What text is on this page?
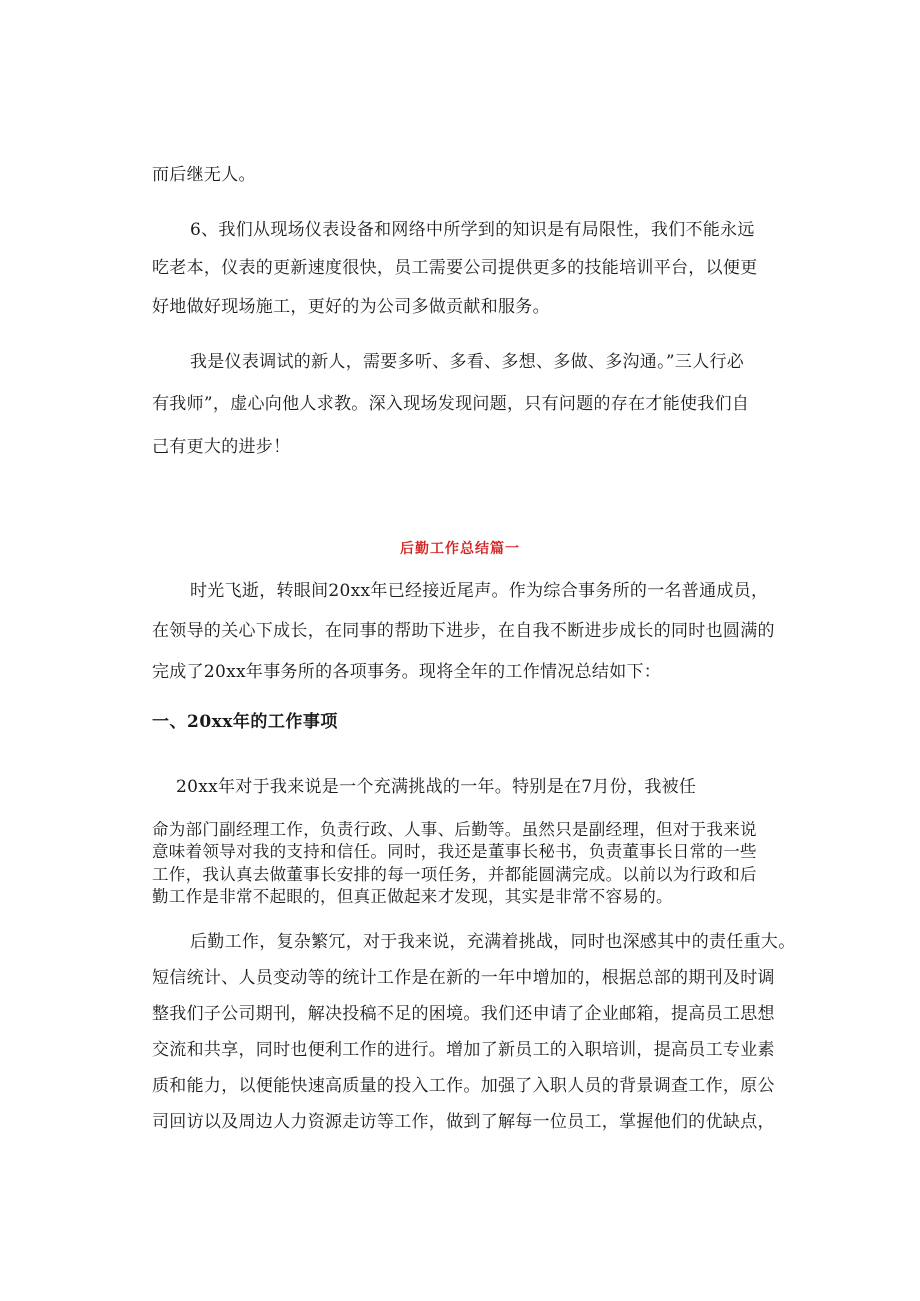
而后继无人。
6、我们从现场仪表设备和网络中所学到的知识是有局限性，我们不能永远
吃老本，仪表的更新速度很快，员工需要公司提供更多的技能培训平台，以便更
好地做好现场施工，更好的为公司多做贡献和服务。
我是仪表调试的新人，需要多听、多看、多想、多做、多沟通。”三人行必
有我师”，虚心向他人求教。深入现场发现问题，只有问题的存在才能使我们自
己有更大的进步！
后勤工作总结篇一
时光飞逝，转眼间20xx年已经接近尾声。作为综合事务所的一名普通成员，
在领导的关心下成长，在同事的帮助下进步，在自我不断进步成长的同时也圆满的
完成了20xx年事务所的各项事务。现将全年的工作情况总结如下：
一、20xx年的工作事项
20xx年对于我来说是一个充满挑战的一年。特别是在7月份，我被任
命为部门副经理工作，负责行政、人事、后勤等。虽然只是副经理，但对于我来说
意味着领导对我的支持和信任。同时，我还是董事长秘书，负责董事长日常的一些
工作，我认真去做董事长安排的每一项任务，并都能圆满完成。以前以为行政和后
勤工作是非常不起眼的，但真正做起来才发现，其实是非常不容易的。
后勤工作，复杂繁冗，对于我来说，充满着挑战，同时也深感其中的责任重大。
短信统计、人员变动等的统计工作是在新的一年中增加的，根据总部的期刊及时调
整我们子公司期刊，解决投稿不足的困境。我们还申请了企业邮箱，提高员工思想
交流和共享，同时也便利工作的进行。增加了新员工的入职培训，提高员工专业素
质和能力，以便能快速高质量的投入工作。加强了入职人员的背景调查工作，原公
司回访以及周边人力资源走访等工作，做到了解每一位员工，掌握他们的优缺点，
